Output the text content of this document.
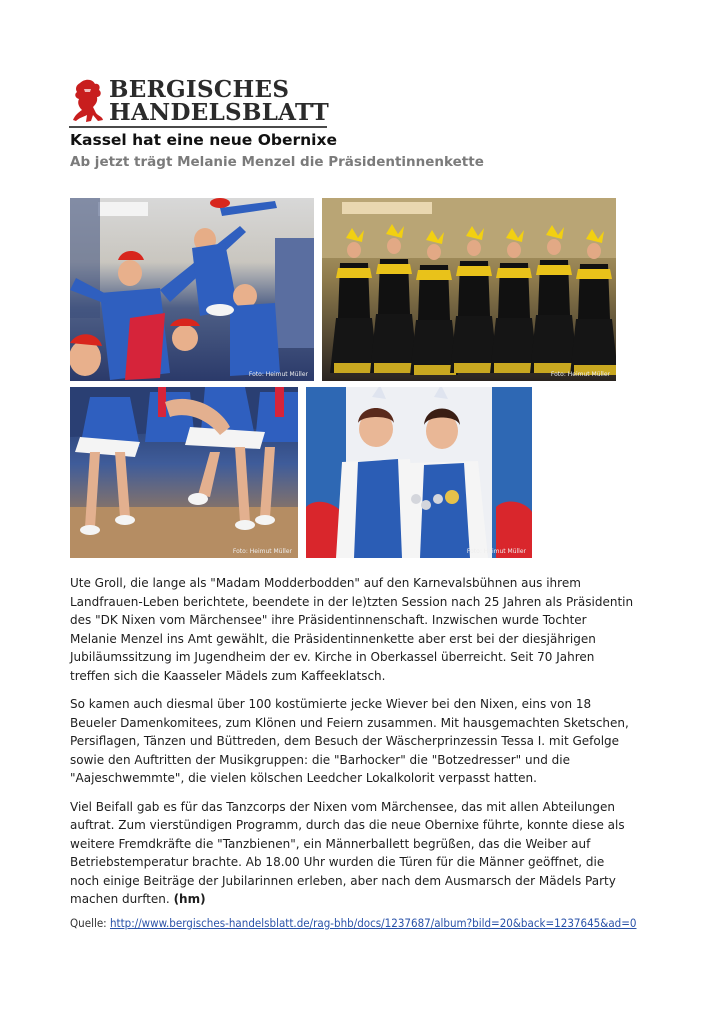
BERGISCHES
HANDELSBLATT
Kassel hat eine neue Obernixe
Ab jetzt trägt Melanie Menzel die Präsidentinnenkette
Foto: Heimut Müller	Foto: Heimut Müller
Foto: Heimut Müller	Foto: Heimut Müller

Ute Groll, die lange als "Madam Modderbodden" auf den Karnevalsbühnen aus ihrem Landfrauen-Leben berichtete, beendete in der le)tzten Session nach 25 Jahren als Präsidentin des "DK Nixen vom Märchensee" ihre Präsidentinnenschaft. Inzwischen wurde Tochter Melanie Menzel ins Amt gewählt, die Präsidentinnenkette aber erst bei der diesjährigen Jubiläumssitzung im Jugendheim der ev. Kirche in Oberkassel überreicht. Seit 70 Jahren treffen sich die Kaasseler Mädels zum Kaffeeklatsch.

So kamen auch diesmal über 100 kostümierte jecke Wiever bei den Nixen, eins von 18 Beueler Damenkomitees, zum Klönen und Feiern zusammen. Mit hausgemachten Sketschen, Persiflagen, Tänzen und Büttreden, dem Besuch der Wäscherprinzessin Tessa I. mit Gefolge sowie den Auftritten der Musikgruppen: die "Barhocker" die "Botzedresser" und die "Aajeschwemmte", die vielen kölschen Leedcher Lokalkolorit verpasst hatten.

Viel Beifall gab es für das Tanzcorps der Nixen vom Märchensee, das mit allen Abteilungen auftrat. Zum vierstündigen Programm, durch das die neue Obernixe führte, konnte diese als weitere Fremdkräfte die "Tanzbienen", ein Männerballett begrüßen, das die Weiber auf Betriebstemperatur brachte. Ab 18.00 Uhr wurden die Türen für die Männer geöffnet, die noch einige Beiträge der Jubilarinnen erleben, aber nach dem Ausmarsch der Mädels Party machen durften. (hm)

Quelle: http://www.bergisches-handelsblatt.de/rag-bhb/docs/1237687/album?bild=20&back=1237645&ad=0
